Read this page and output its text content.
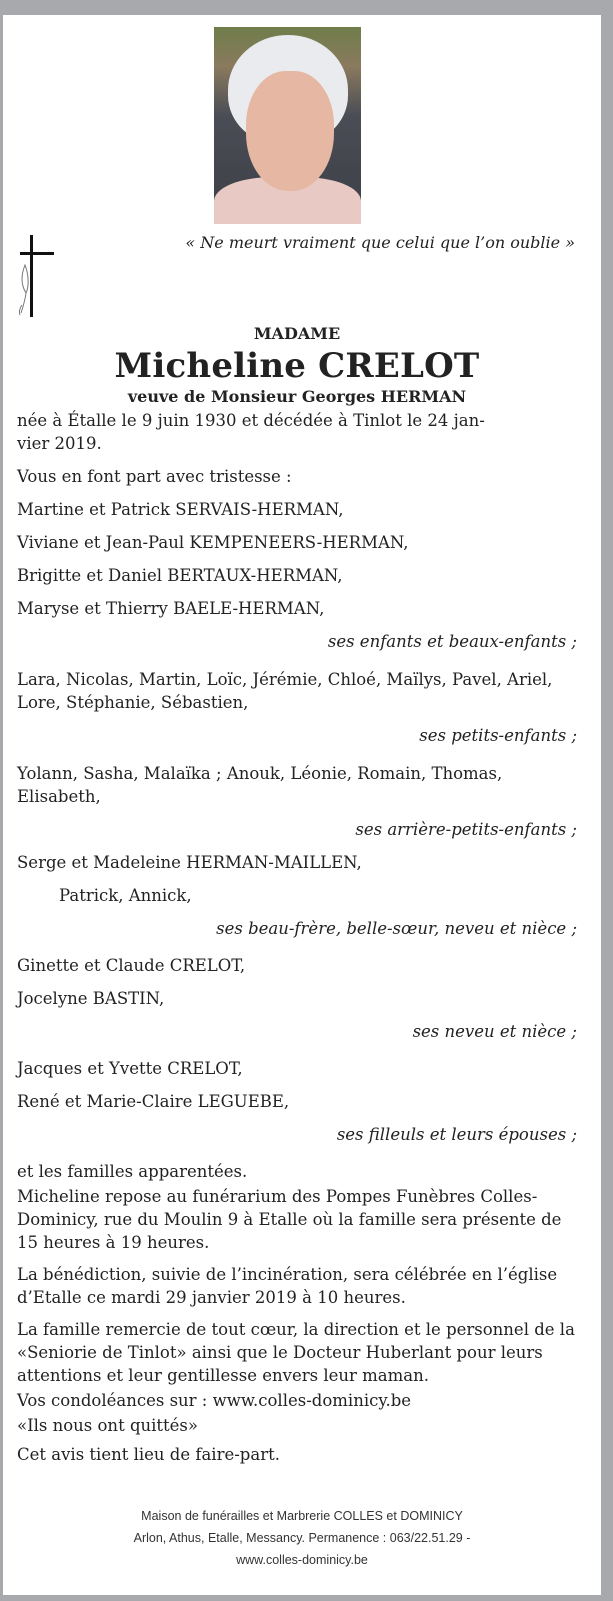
« Ne meurt vraiment que celui que l’on oublie »
MADAME
Micheline CRELOT
veuve de Monsieur Georges HERMAN
née à Étalle le 9 juin 1930 et décédée à Tinlot le 24 jan-vier 2019.
Vous en font part avec tristesse :
Martine et Patrick SERVAIS-HERMAN,
Viviane et Jean-Paul KEMPENEERS-HERMAN,
Brigitte et Daniel BERTAUX-HERMAN,
Maryse et Thierry BAELE-HERMAN,
ses enfants et beaux-enfants ;
Lara, Nicolas, Martin, Loïc, Jérémie, Chloé, Maïlys, Pavel, Ariel, Lore, Stéphanie, Sébastien,
ses petits-enfants ;
Yolann, Sasha, Malaïka ; Anouk, Léonie, Romain, Thomas, Elisabeth,
ses arrière-petits-enfants ;
Serge et Madeleine HERMAN-MAILLEN,
Patrick, Annick,
ses beau-frère, belle-sœur, neveu et nièce ;
Ginette et Claude CRELOT,
Jocelyne BASTIN,
ses neveu et nièce ;
Jacques et Yvette CRELOT,
René et Marie-Claire LEGUEBE,
ses filleuls et leurs épouses ;
et les familles apparentées.
Micheline repose au funérarium des Pompes Funèbres Colles-Dominicy, rue du Moulin 9 à Etalle où la famille sera présente de 15 heures à 19 heures.
La bénédiction, suivie de l’incinération, sera célébrée en l’église d’Etalle ce mardi 29 janvier 2019 à 10 heures.
La famille remercie de tout cœur, la direction et le personnel de la «Seniorie de Tinlot» ainsi que le Docteur Huberlant pour leurs attentions et leur gentillesse envers leur maman.
Vos condoléances sur : www.colles-dominicy.be
«Ils nous ont quittés»
Cet avis tient lieu de faire-part.
Maison de funérailles et Marbrerie COLLES et DOMINICY
Arlon, Athus, Etalle, Messancy. Permanence : 063/22.51.29 -
www.colles-dominicy.be
